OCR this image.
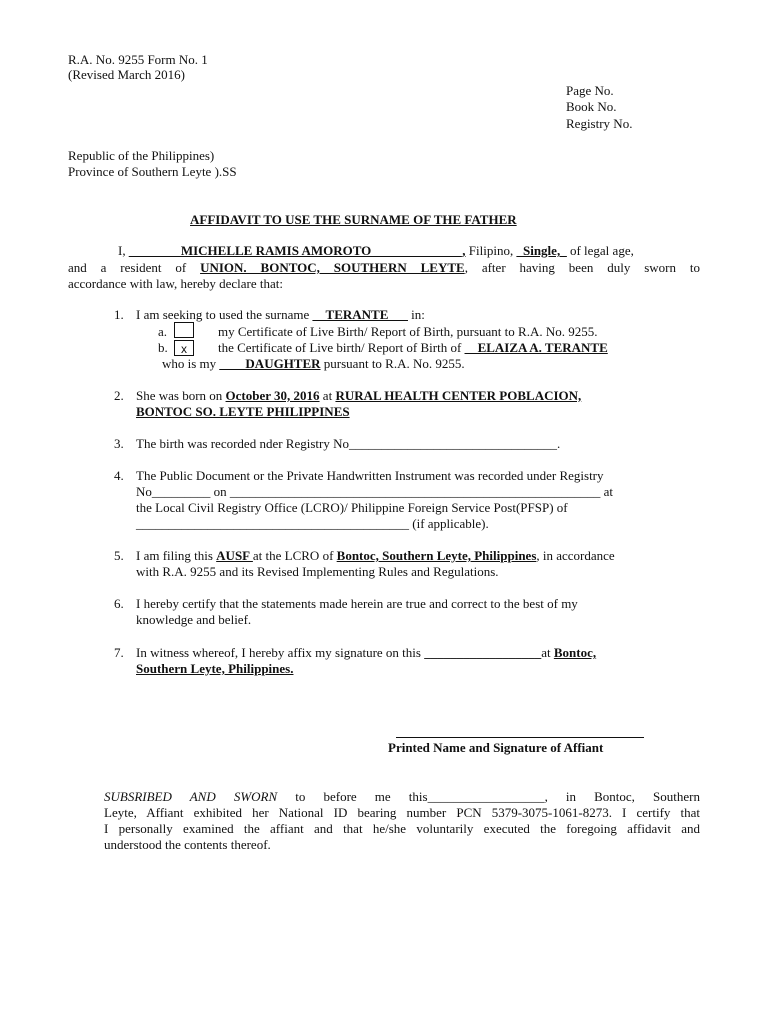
R.A. No. 9255 Form No. 1
(Revised March 2016)
Page No.
Book No.
Registry No.
Republic of the Philippines)
Province of Southern Leyte ).SS
AFFIDAVIT TO USE THE SURNAME OF THE FATHER
I, ________MICHELLE RAMIS AMOROTO______________, Filipino, _Single,_ of legal age,
and a resident of UNION. BONTOC, SOUTHERN LEYTE, after having been duly sworn to
accordance with law, hereby declare that:
1. I am seeking to used the surname __TERANTE___ in:
a.	my Certificate of Live Birth/ Report of Birth, pursuant to R.A. No. 9255.
b.	x	the Certificate of Live birth/ Report of Birth of __ELAIZA A. TERANTE
who is my ____DAUGHTER pursuant to R.A. No. 9255.
2. She was born on October 30, 2016 at RURAL HEALTH CENTER POBLACION,
BONTOC SO. LEYTE PHILIPPINES
3. The birth was recorded nder Registry No________________________________.
4. The Public Document or the Private Handwritten Instrument was recorded under Registry
No_________ on _________________________________________________________ at
the Local Civil Registry Office (LCRO)/ Philippine Foreign Service Post(PFSP) of
__________________________________________ (if applicable).
5. I am filing this AUSF at the LCRO of Bontoc, Southern Leyte, Philippines, in accordance
with R.A. 9255 and its Revised Implementing Rules and Regulations.
6. I hereby certify that the statements made herein are true and correct to the best of my
knowledge and belief.
7. In witness whereof, I hereby affix my signature on this __________________at Bontoc,
Southern Leyte, Philippines.
Printed Name and Signature of Affiant
SUBSRIBED AND SWORN to before me this__________________, in Bontoc, Southern
Leyte, Affiant exhibited her National ID bearing number PCN 5379-3075-1061-8273. I certify that
I personally examined the affiant and that he/she voluntarily executed the foregoing affidavit and
understood the contents thereof.
